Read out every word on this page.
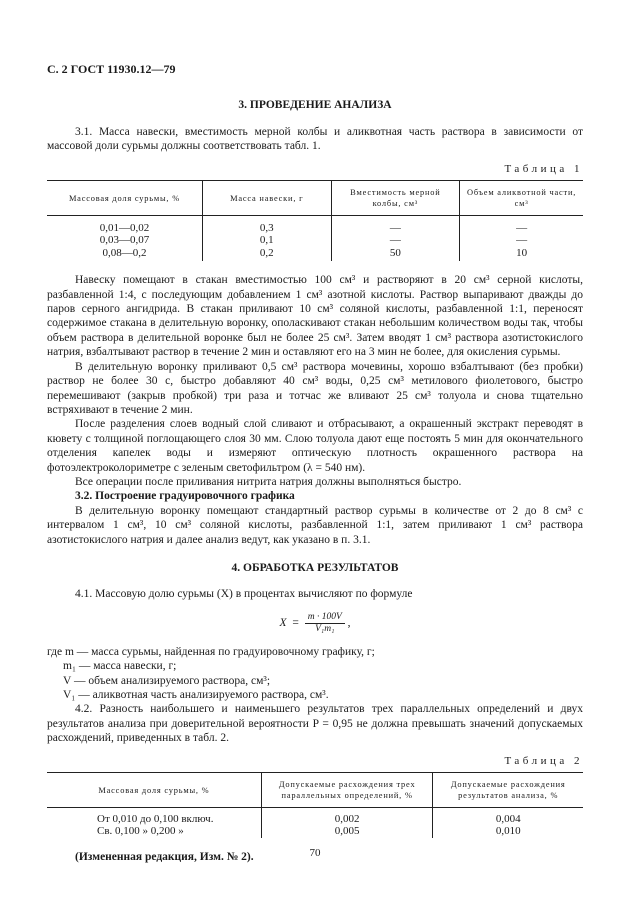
С. 2 ГОСТ 11930.12—79
3. ПРОВЕДЕНИЕ АНАЛИЗА

3.1. Масса навески, вместимость мерной колбы и аликвотная часть раствора в зависимости от массовой доли сурьмы должны соответствовать табл. 1.

Таблица 1
Массовая доля сурьмы, %	Масса навески, г	Вместимость мерной колбы, см³	Объем аликвотной части, см³
0,01—0,02	0,3	—	—
0,03—0,07	0,1	—	—
0,08—0,2	0,2	50	10

Навеску помещают в стакан вместимостью 100 см³ и растворяют в 20 см³ серной кислоты, разбавленной 1:4, с последующим добавлением 1 см³ азотной кислоты. Раствор выпаривают дважды до паров серного ангидрида. В стакан приливают 10 см³ соляной кислоты, разбавленной 1:1, переносят содержимое стакана в делительную воронку, ополаскивают стакан небольшим количеством воды так, чтобы объем раствора в делительной воронке был не более 25 см³. Затем вводят 1 см³ раствора азотистокислого натрия, взбалтывают раствор в течение 2 мин и оставляют его на 3 мин не более, для окисления сурьмы.

В делительную воронку приливают 0,5 см³ раствора мочевины, хорошо взбалтывают (без пробки) раствор не более 30 с, быстро добавляют 40 см³ воды, 0,25 см³ метилового фиолетового, быстро перемешивают (закрыв пробкой) три раза и тотчас же вливают 25 см³ толуола и снова тщательно встряхивают в течение 2 мин.

После разделения слоев водный слой сливают и отбрасывают, а окрашенный экстракт переводят в кювету с толщиной поглощающего слоя 30 мм. Слою толуола дают еще постоять 5 мин для окончательного отделения капелек воды и измеряют оптическую плотность окрашенного раствора на фотоэлектроколориметре с зеленым светофильтром (λ = 540 нм).

Все операции после приливания нитрита натрия должны выполняться быстро.

3.2. Построение градуировочного графика

В делительную воронку помещают стандартный раствор сурьмы в количестве от 2 до 8 см³ с интервалом 1 см³, 10 см³ соляной кислоты, разбавленной 1:1, затем приливают 1 см³ раствора азотистокислого натрия и далее анализ ведут, как указано в п. 3.1.

4. ОБРАБОТКА РЕЗУЛЬТАТОВ

4.1. Массовую долю сурьмы (X) в процентах вычисляют по формуле

$X = \frac{m \cdot 100V}{\text{V₁m₁}}$ ,
где m — масса сурьмы, найденная по градуировочному графику, г;
m₁ — масса навески, г;
V — объем анализируемого раствора, см³;
V₁ — аликвотная часть анализируемого раствора, см³.

4.2. Разность наибольшего и наименьшего результатов трех параллельных определений и двух результатов анализа при доверительной вероятности P = 0,95 не должна превышать значений допускаемых расхождений, приведенных в табл. 2.

Таблица 2
Массовая доля сурьмы, %	Допускаемые расхождения трех параллельных определений, %	Допускаемые расхождения результатов анализа, %
От 0,010 до 0,100 включ.	0,002	0,004
Св. 0,100 » 0,200 »	0,005	0,010

(Измененная редакция, Изм. № 2).	70
